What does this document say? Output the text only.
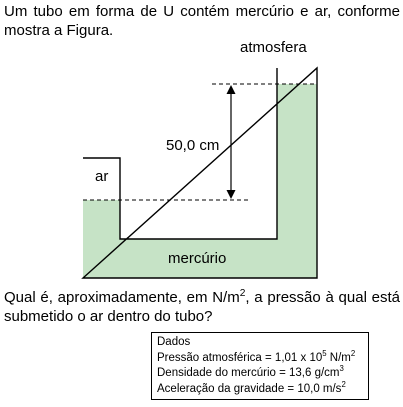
Um tubo em forma de U contém mercúrio e ar, conforme mostra a Figura.
atmosfera
50,0 cm
ar
mercúrio
Qual é, aproximadamente, em $N/m^2$, a pressão à qual está submetido o ar dentro do tubo?
Dados
Pressão atmosférica = 1,01 x $10^5$ $N/m^2$
Densidade do mercúrio = 13,6 $g/cm^3$
Aceleração da gravidade = 10,0 $m/s^2$
